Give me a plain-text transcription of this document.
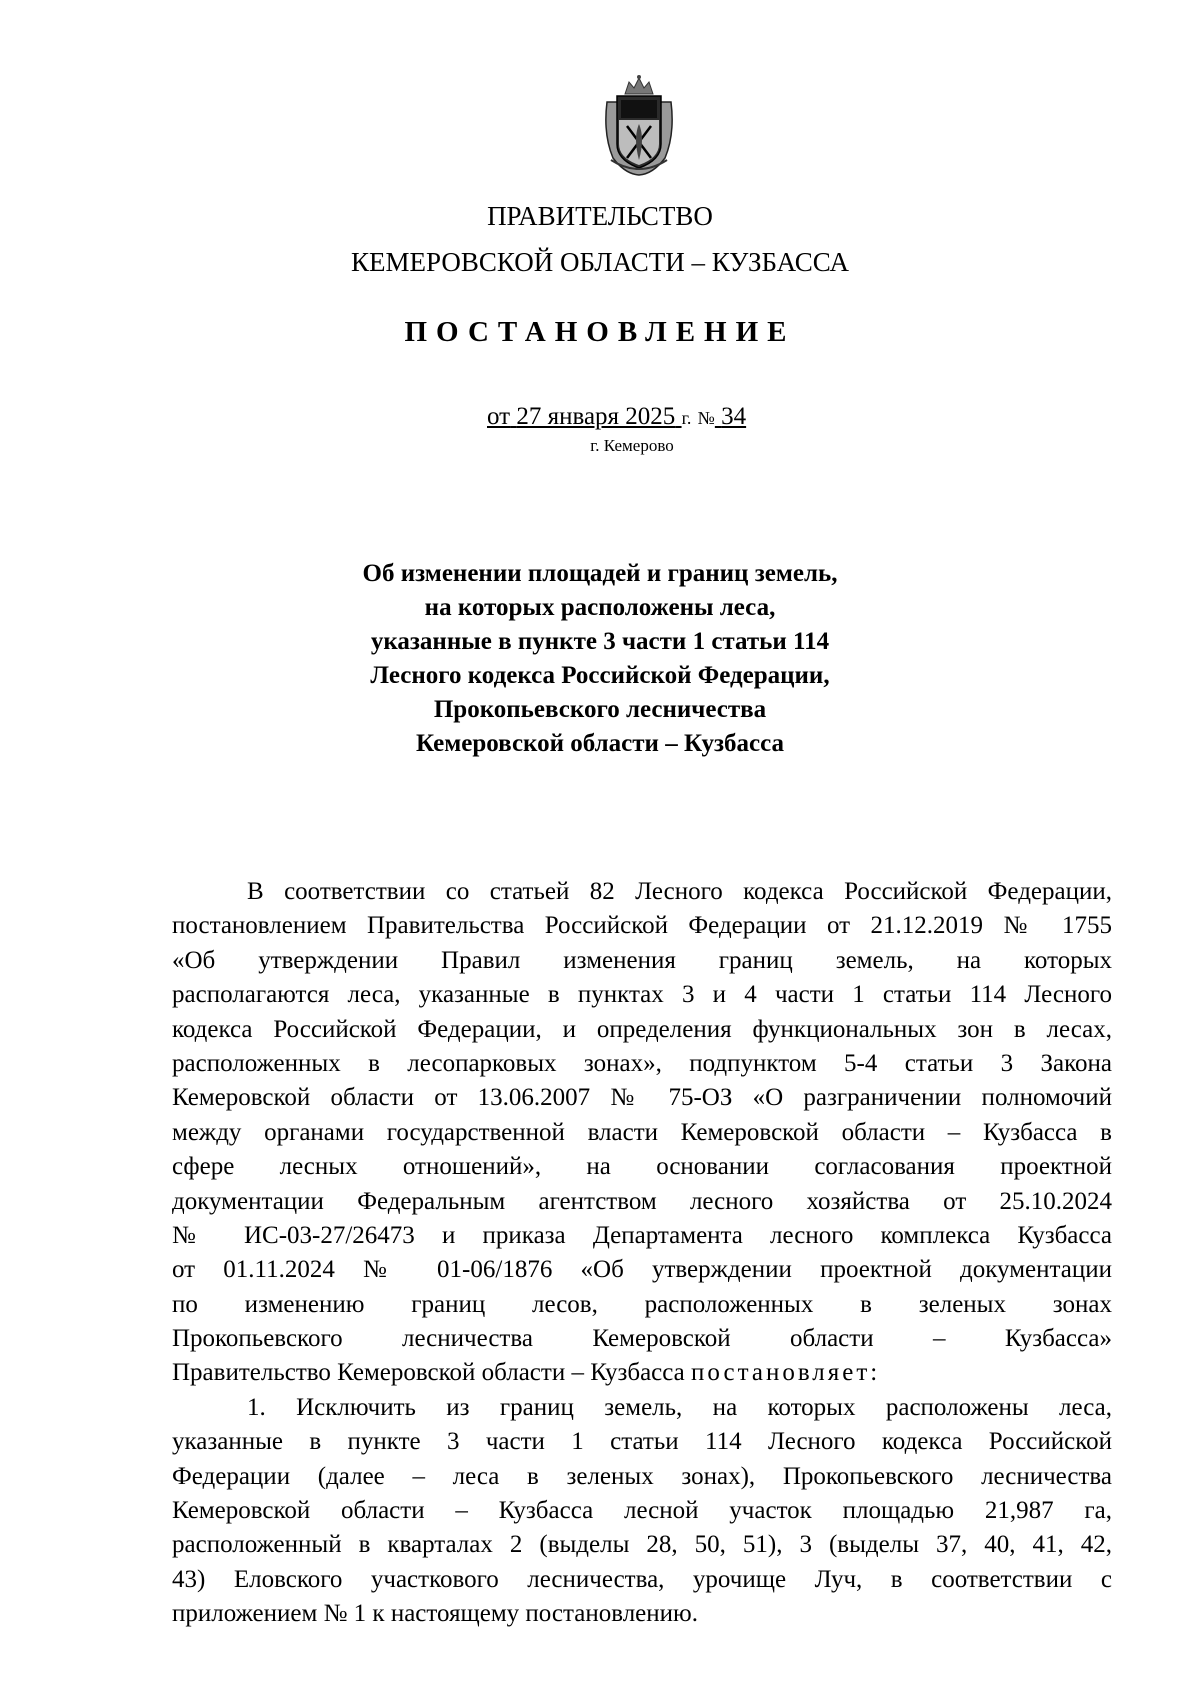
ПРАВИТЕЛЬСТВО
КЕМЕРОВСКОЙ ОБЛАСТИ – КУЗБАССА
ПОСТАНОВЛЕНИЕ
от 27 января 2025 г. № 34
г. Кемерово
Об изменении площадей и границ земель,
на которых расположены леса,
указанные в пункте 3 части 1 статьи 114
Лесного кодекса Российской Федерации,
Прокопьевского лесничества
Кемеровской области – Кузбасса
В соответствии со статьей 82 Лесного кодекса Российской Федерации,
постановлением Правительства Российской Федерации от 21.12.2019 № 1755
«Об утверждении Правил изменения границ земель, на которых
располагаются леса, указанные в пунктах 3 и 4 части 1 статьи 114 Лесного
кодекса Российской Федерации, и определения функциональных зон в лесах,
расположенных в лесопарковых зонах», подпунктом 5-4 статьи 3 Закона
Кемеровской области от 13.06.2007 № 75-ОЗ «О разграничении полномочий
между органами государственной власти Кемеровской области – Кузбасса в
сфере лесных отношений», на основании согласования проектной
документации Федеральным агентством лесного хозяйства от 25.10.2024
№ ИС-03-27/26473 и приказа Департамента лесного комплекса Кузбасса
от 01.11.2024 № 01-06/1876 «Об утверждении проектной документации
по изменению границ лесов, расположенных в зеленых зонах
Прокопьевского лесничества Кемеровской области – Кузбасса»
Правительство Кемеровской области – Кузбасса постановляет:
1. Исключить из границ земель, на которых расположены леса,
указанные в пункте 3 части 1 статьи 114 Лесного кодекса Российской
Федерации (далее – леса в зеленых зонах), Прокопьевского лесничества
Кемеровской области – Кузбасса лесной участок площадью 21,987 га,
расположенный в кварталах 2 (выделы 28, 50, 51), 3 (выделы 37, 40, 41, 42,
43) Еловского участкового лесничества, урочище Луч, в соответствии с
приложением № 1 к настоящему постановлению.
